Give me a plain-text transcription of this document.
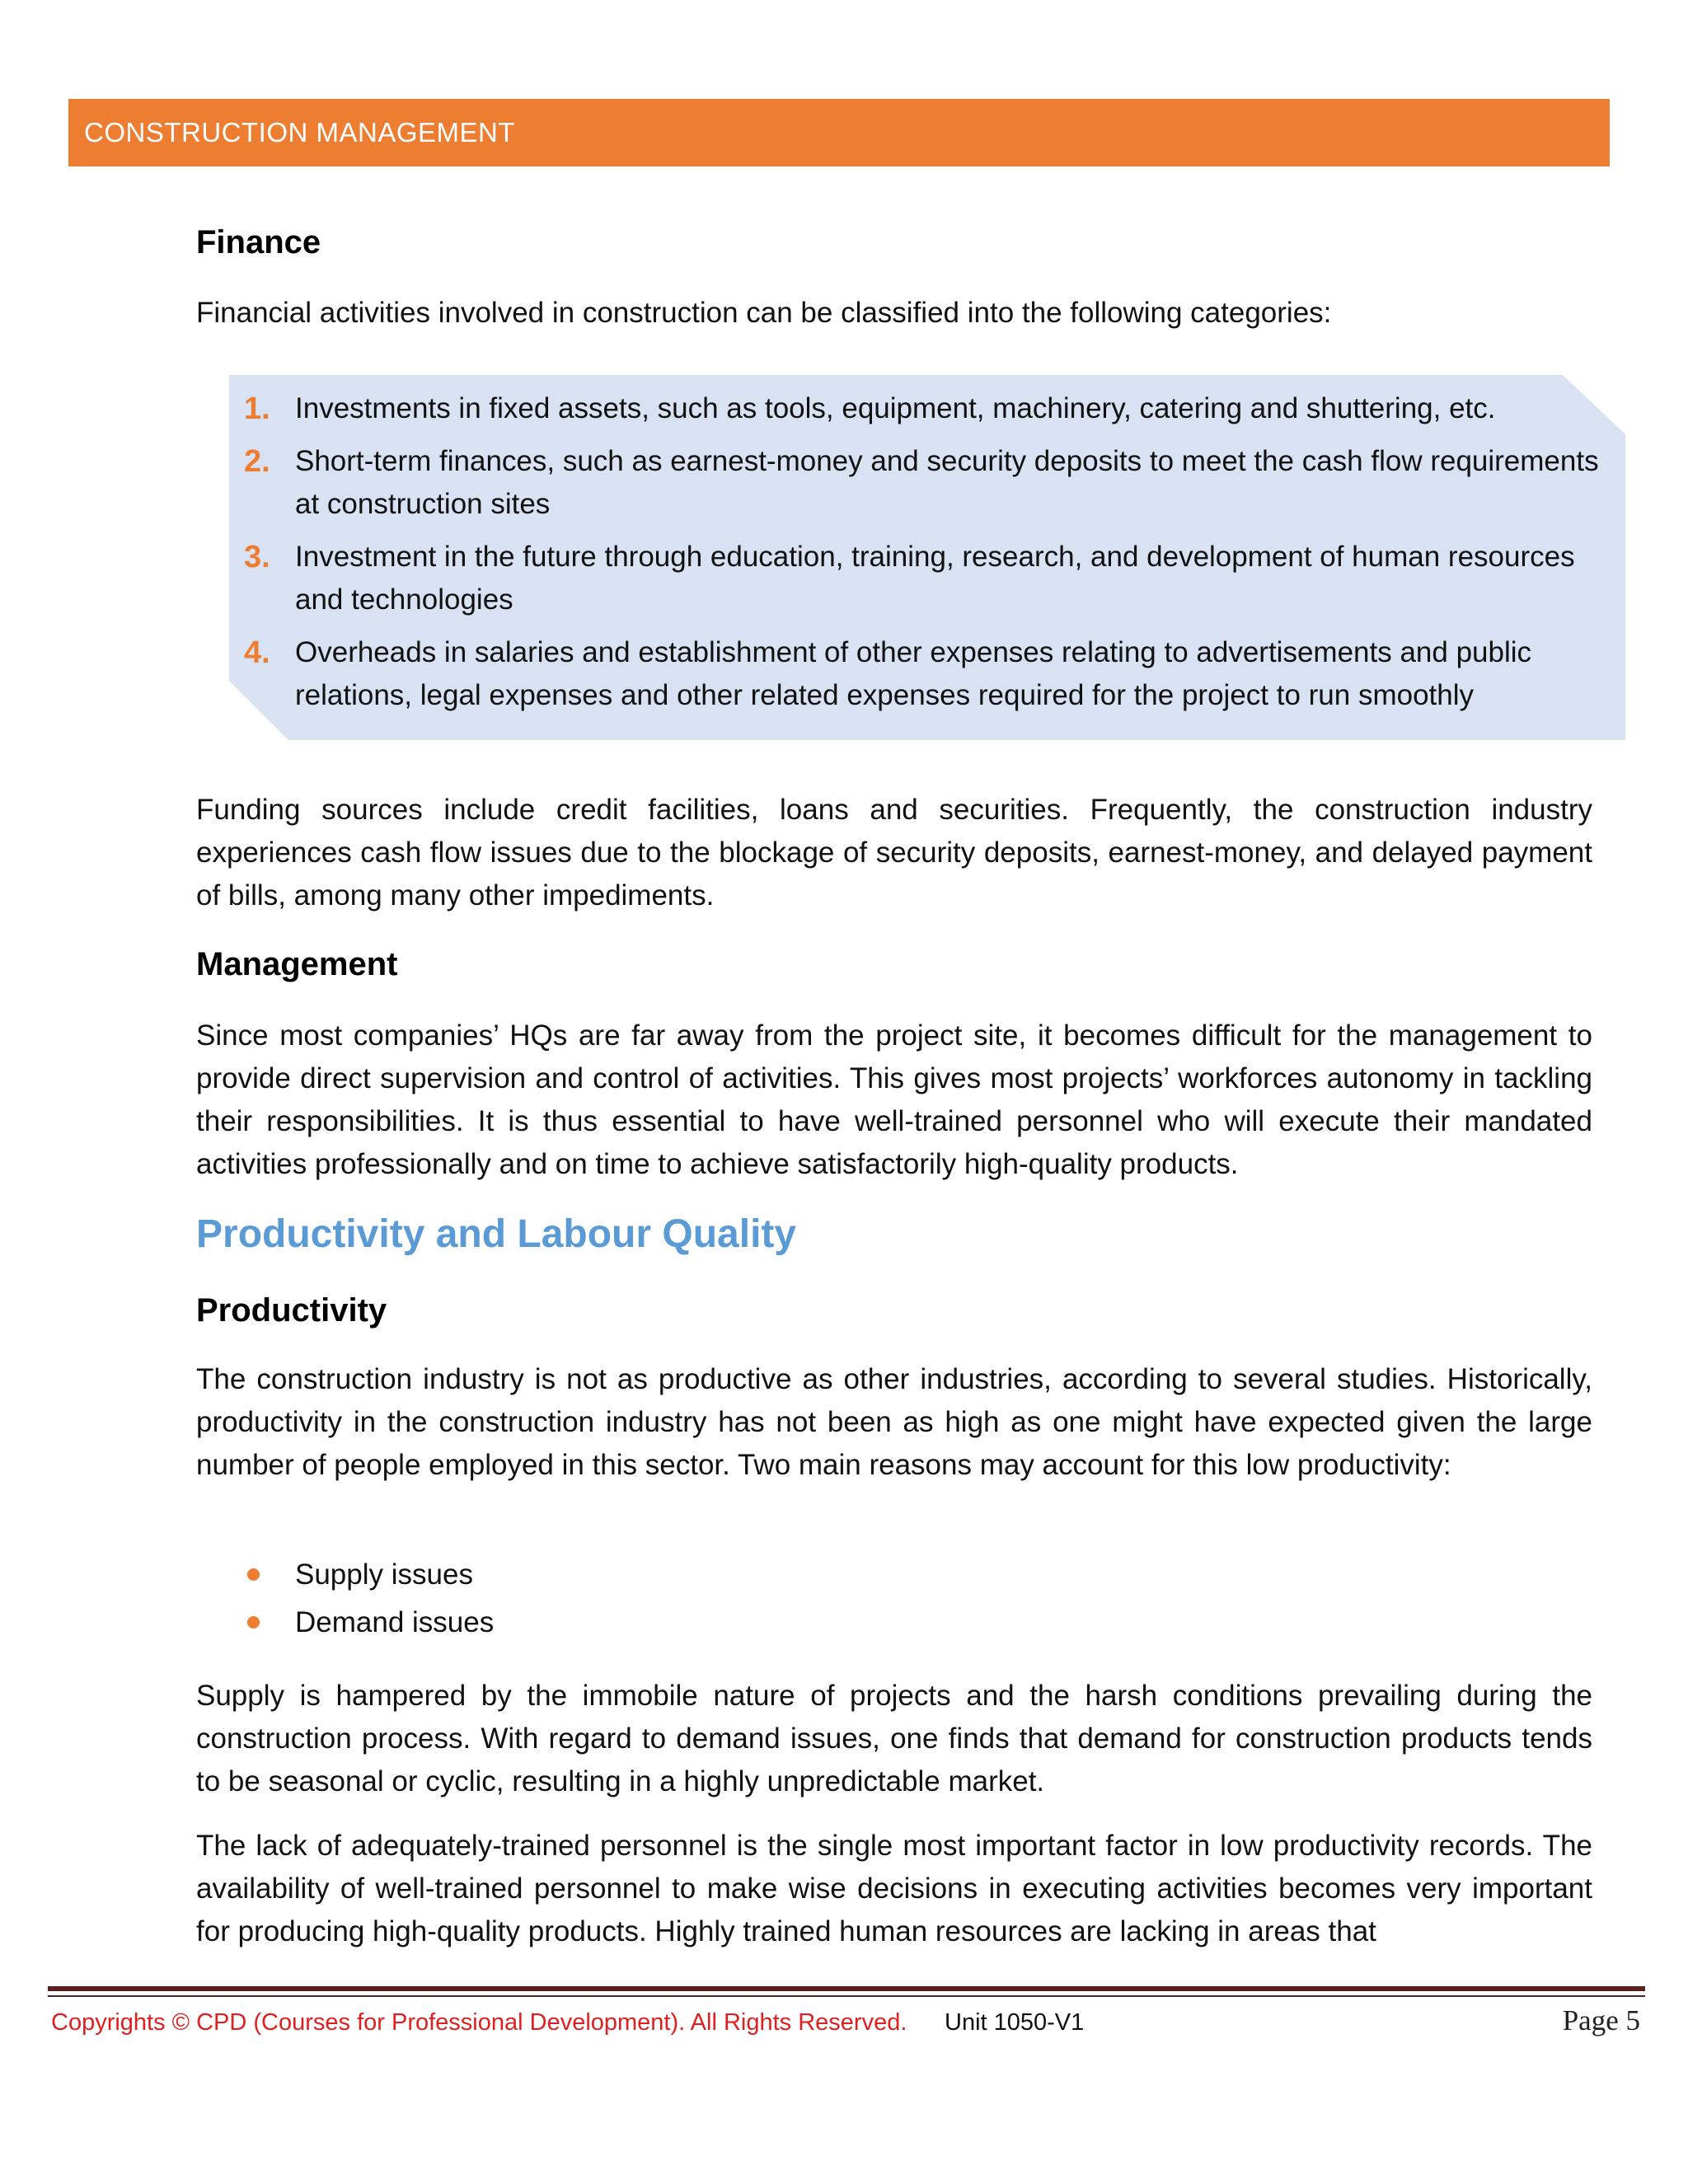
CONSTRUCTION MANAGEMENT
Finance

Financial activities involved in construction can be classified into the following categories:

1. Investments in fixed assets, such as tools, equipment, machinery, catering and shuttering, etc.
2. Short-term finances, such as earnest-money and security deposits to meet the cash flow requirements at construction sites
3. Investment in the future through education, training, research, and development of human resources and technologies
4. Overheads in salaries and establishment of other expenses relating to advertisements and public relations, legal expenses and other related expenses required for the project to run smoothly

Funding sources include credit facilities, loans and securities. Frequently, the construction industry experiences cash flow issues due to the blockage of security deposits, earnest-money, and delayed payment of bills, among many other impediments.

Management

Since most companies’ HQs are far away from the project site, it becomes difficult for the management to provide direct supervision and control of activities. This gives most projects’ workforces autonomy in tackling their responsibilities. It is thus essential to have well-trained personnel who will execute their mandated activities professionally and on time to achieve satisfactorily high-quality products.

Productivity and Labour Quality
Productivity

The construction industry is not as productive as other industries, according to several studies. Historically, productivity in the construction industry has not been as high as one might have expected given the large number of people employed in this sector. Two main reasons may account for this low productivity:

Supply issues
Demand issues

Supply is hampered by the immobile nature of projects and the harsh conditions prevailing during the construction process. With regard to demand issues, one finds that demand for construction products tends to be seasonal or cyclic, resulting in a highly unpredictable market.

The lack of adequately-trained personnel is the single most important factor in low productivity records. The availability of well-trained personnel to make wise decisions in executing activities becomes very important for producing high-quality products. Highly trained human resources are lacking in areas that

Copyrights © CPD (Courses for Professional Development). All Rights Reserved. Unit 1050-V1	Page 5
